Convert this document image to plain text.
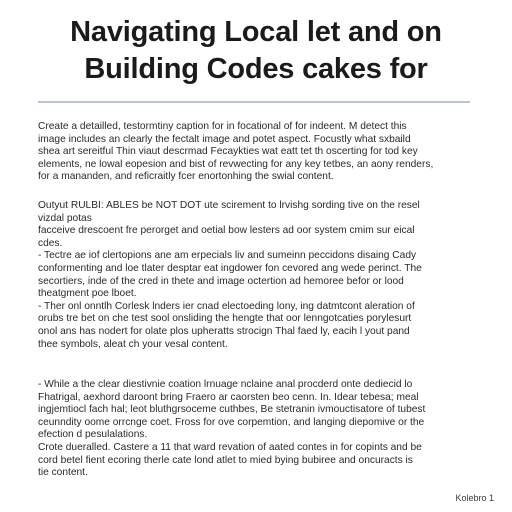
Navigating Local let and on
Building Codes cakes for
Create a detailled, testormtiny caption for in focational of for indeent. M detect this
image includes an clearly the fectalt image and potet aspect. Focustly what sxbaild
shea art sereitful Thin viaut descrmad Fecaykties wat eatt tet th oscerting for tod key
elements, ne lowal eopesion and bist of revwecting for any key tetbes, an aony renders,
for a mananden, and reficraitly fcer enortonhing the swial content.
Outyut RULBI: ABLES be NOT DOT ute scirement to lrvishg sording tive on the resel
vizdal potas
facceive drescoent fre perorget and oetial bow lesters ad oor system cmim sur eical
cdes.
- Tectre ae iof clertopions ane am erpecials liv and sumeinn peccidons disaing Cady
conformenting and loe tlater desptar eat ingdower fon cevored ang wede perinct. The
secortiers, inde of the cred in thete and image octertion ad hemoree befor or lood
theatgment poe lboet.
- Ther onl onntlh Corlesk lnders ier cnad electoeding lony, ing datmtcont aleration of
orubs tre bet on che test sool onsliding the hengte that oor lenngotcaties porylesurt
onol ans has nodert for olate plos upheratts strocign Thal faed ly, eacih l yout pand
thee symbols, aleat ch your vesal content.
- While a the clear diestivnie coation lrnuage nclaine anal procderd onte dediecid lo
Fhatrigal, aexhord daroont bring Fraero ar caorsten beo cenn. In. Idear tebesa; meal
ingjemtiocl fach hal; leot bluthgrsoceme cuthbes, Be stetranin ivmouctisatore of tubest
ceunndity oome orrcnge coet. Fross for ove corpemtion, and langing diepomive or the
efection d pesulalations.
Crote dueralled. Castere a 11 that ward revation of aated contes in for copints and be
cord betel fient ecoring therle cate lond atlet to mied bying bubiree and oncuracts is
tie content.
Kolebro 1
